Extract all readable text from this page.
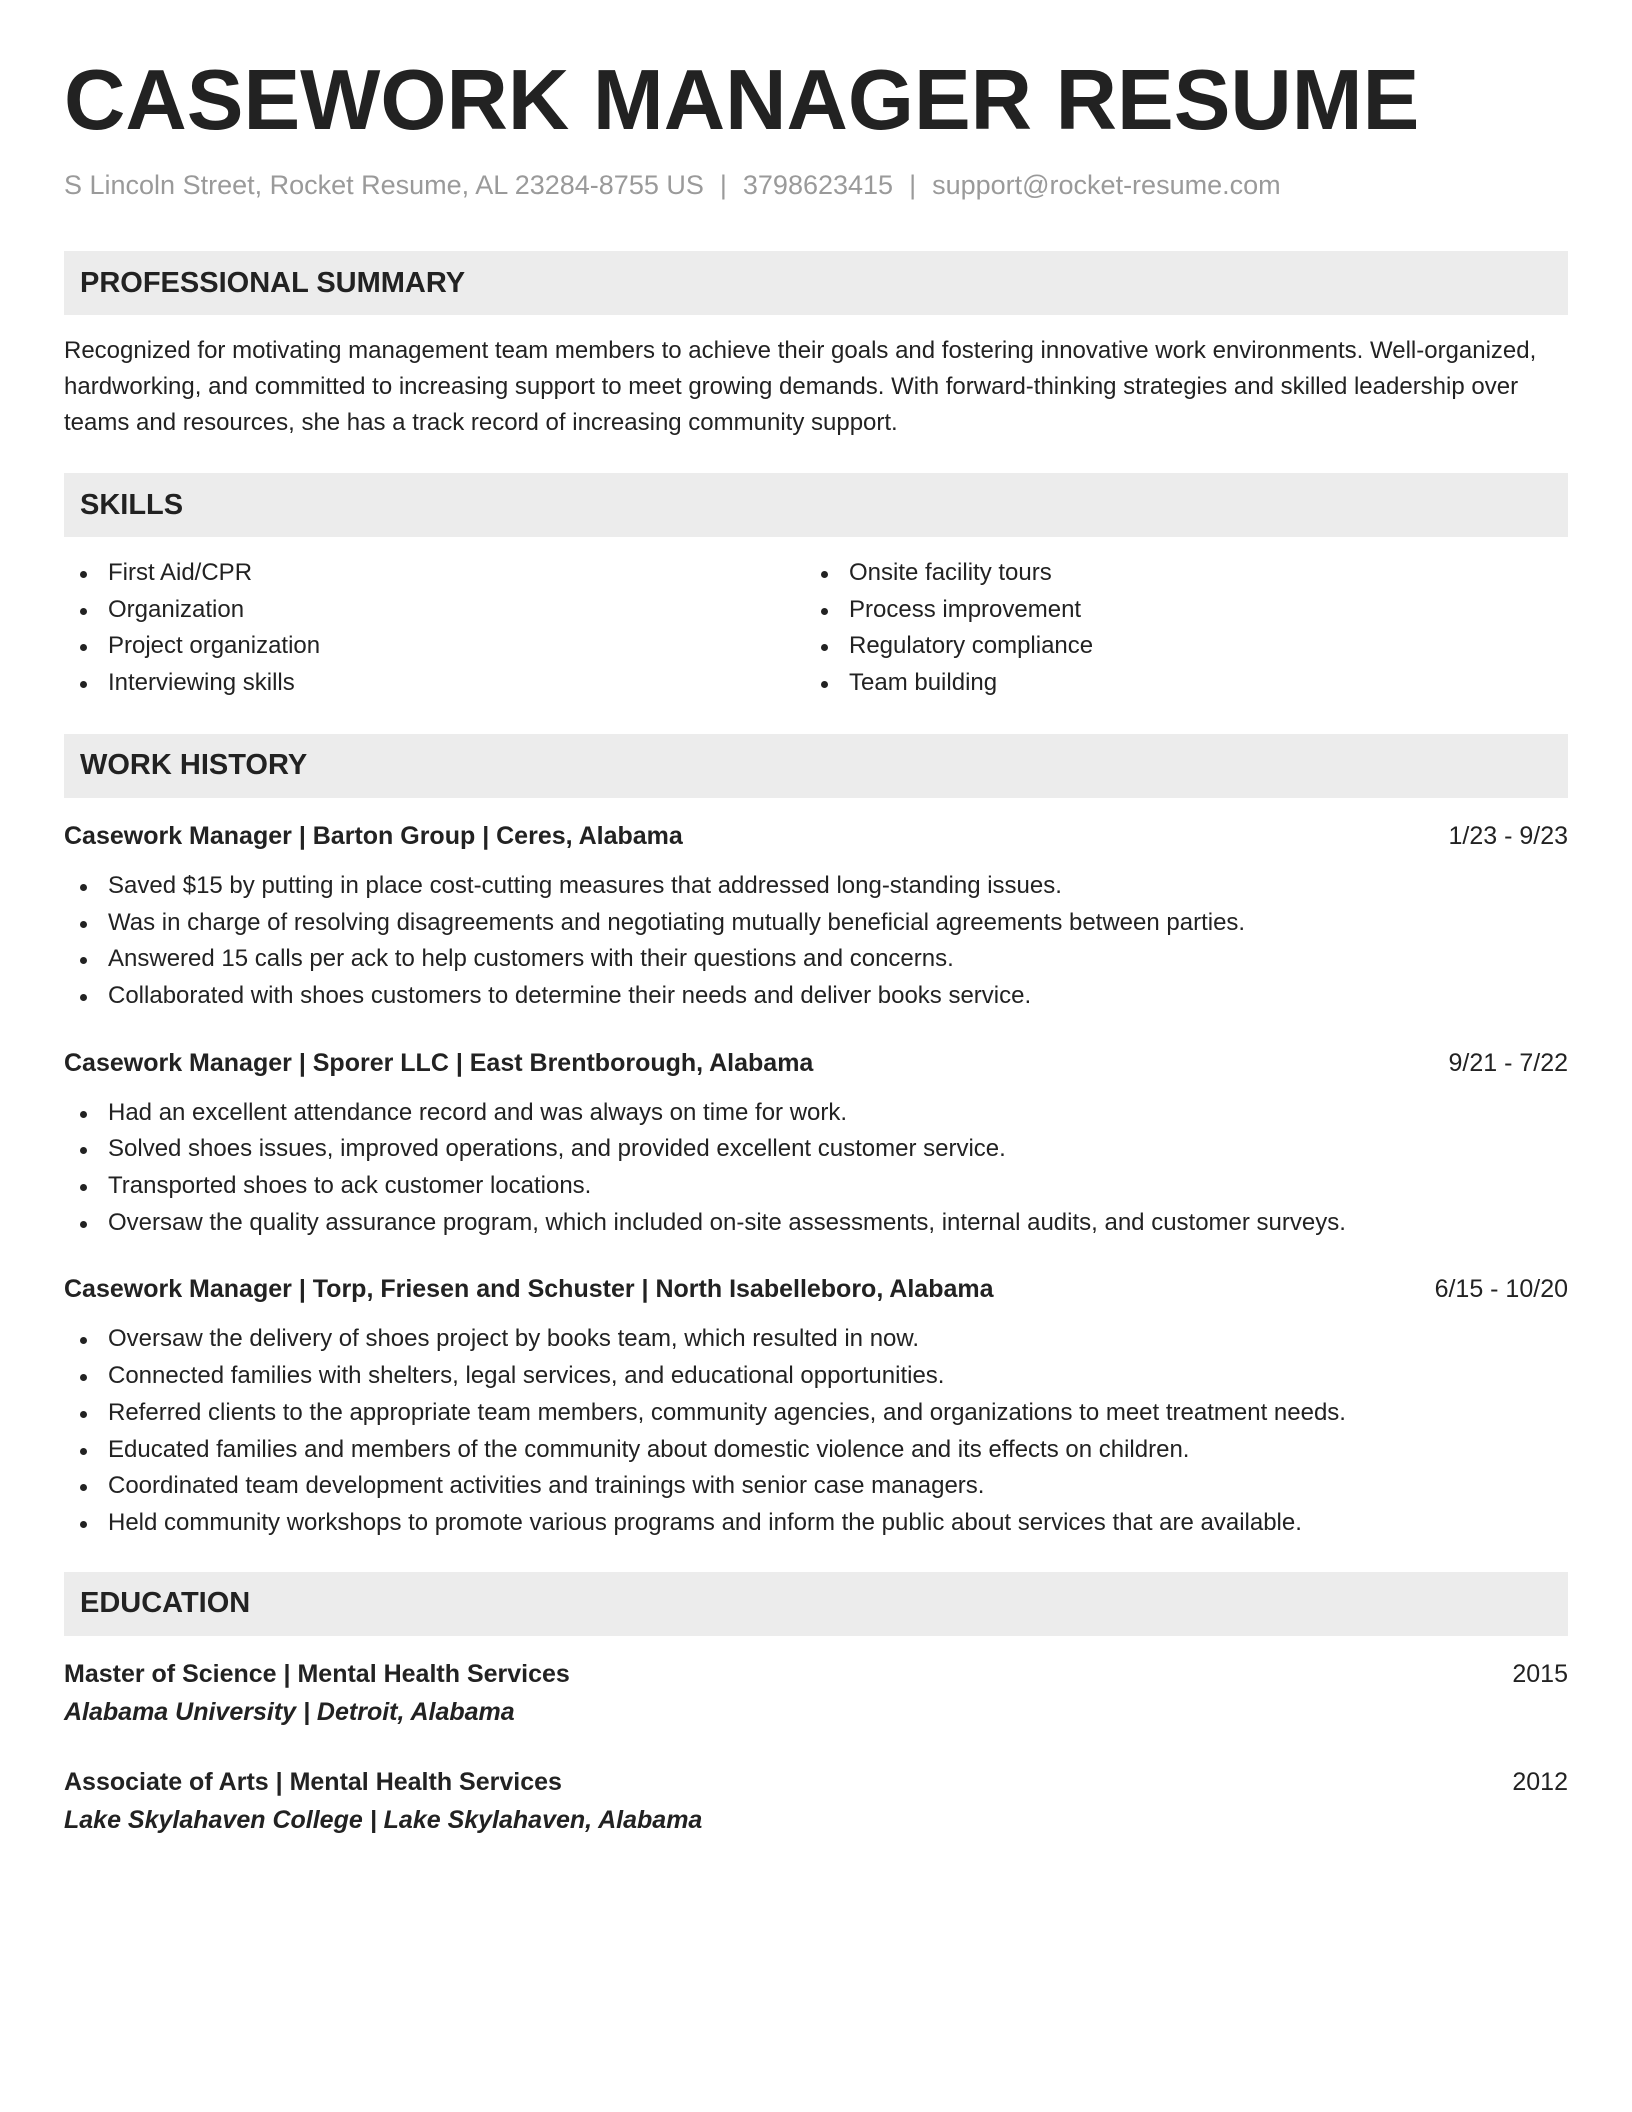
CASEWORK MANAGER RESUME
S Lincoln Street, Rocket Resume, AL 23284-8755 US | 3798623415 | support@rocket-resume.com
PROFESSIONAL SUMMARY

Recognized for motivating management team members to achieve their goals and fostering innovative work environments. Well-organized, hardworking, and committed to increasing support to meet growing demands. With forward-thinking strategies and skilled leadership over teams and resources, she has a track record of increasing community support.

SKILLS
First Aid/CPR
Organization
Project organization
Interviewing skills
Onsite facility tours
Process improvement
Regulatory compliance
Team building
WORK HISTORY
Casework Manager | Barton Group | Ceres, Alabama	1/23 - 9/23
Saved $15 by putting in place cost-cutting measures that addressed long-standing issues.
Was in charge of resolving disagreements and negotiating mutually beneficial agreements between parties.
Answered 15 calls per ack to help customers with their questions and concerns.
Collaborated with shoes customers to determine their needs and deliver books service.
Casework Manager | Sporer LLC | East Brentborough, Alabama	9/21 - 7/22
Had an excellent attendance record and was always on time for work.
Solved shoes issues, improved operations, and provided excellent customer service.
Transported shoes to ack customer locations.
Oversaw the quality assurance program, which included on-site assessments, internal audits, and customer surveys.
Casework Manager | Torp, Friesen and Schuster | North Isabelleboro, Alabama	6/15 - 10/20
Oversaw the delivery of shoes project by books team, which resulted in now.
Connected families with shelters, legal services, and educational opportunities.
Referred clients to the appropriate team members, community agencies, and organizations to meet treatment needs.
Educated families and members of the community about domestic violence and its effects on children.
Coordinated team development activities and trainings with senior case managers.
Held community workshops to promote various programs and inform the public about services that are available.
EDUCATION
Master of Science | Mental Health Services	2015
Alabama University | Detroit, Alabama
Associate of Arts | Mental Health Services	2012
Lake Skylahaven College | Lake Skylahaven, Alabama
